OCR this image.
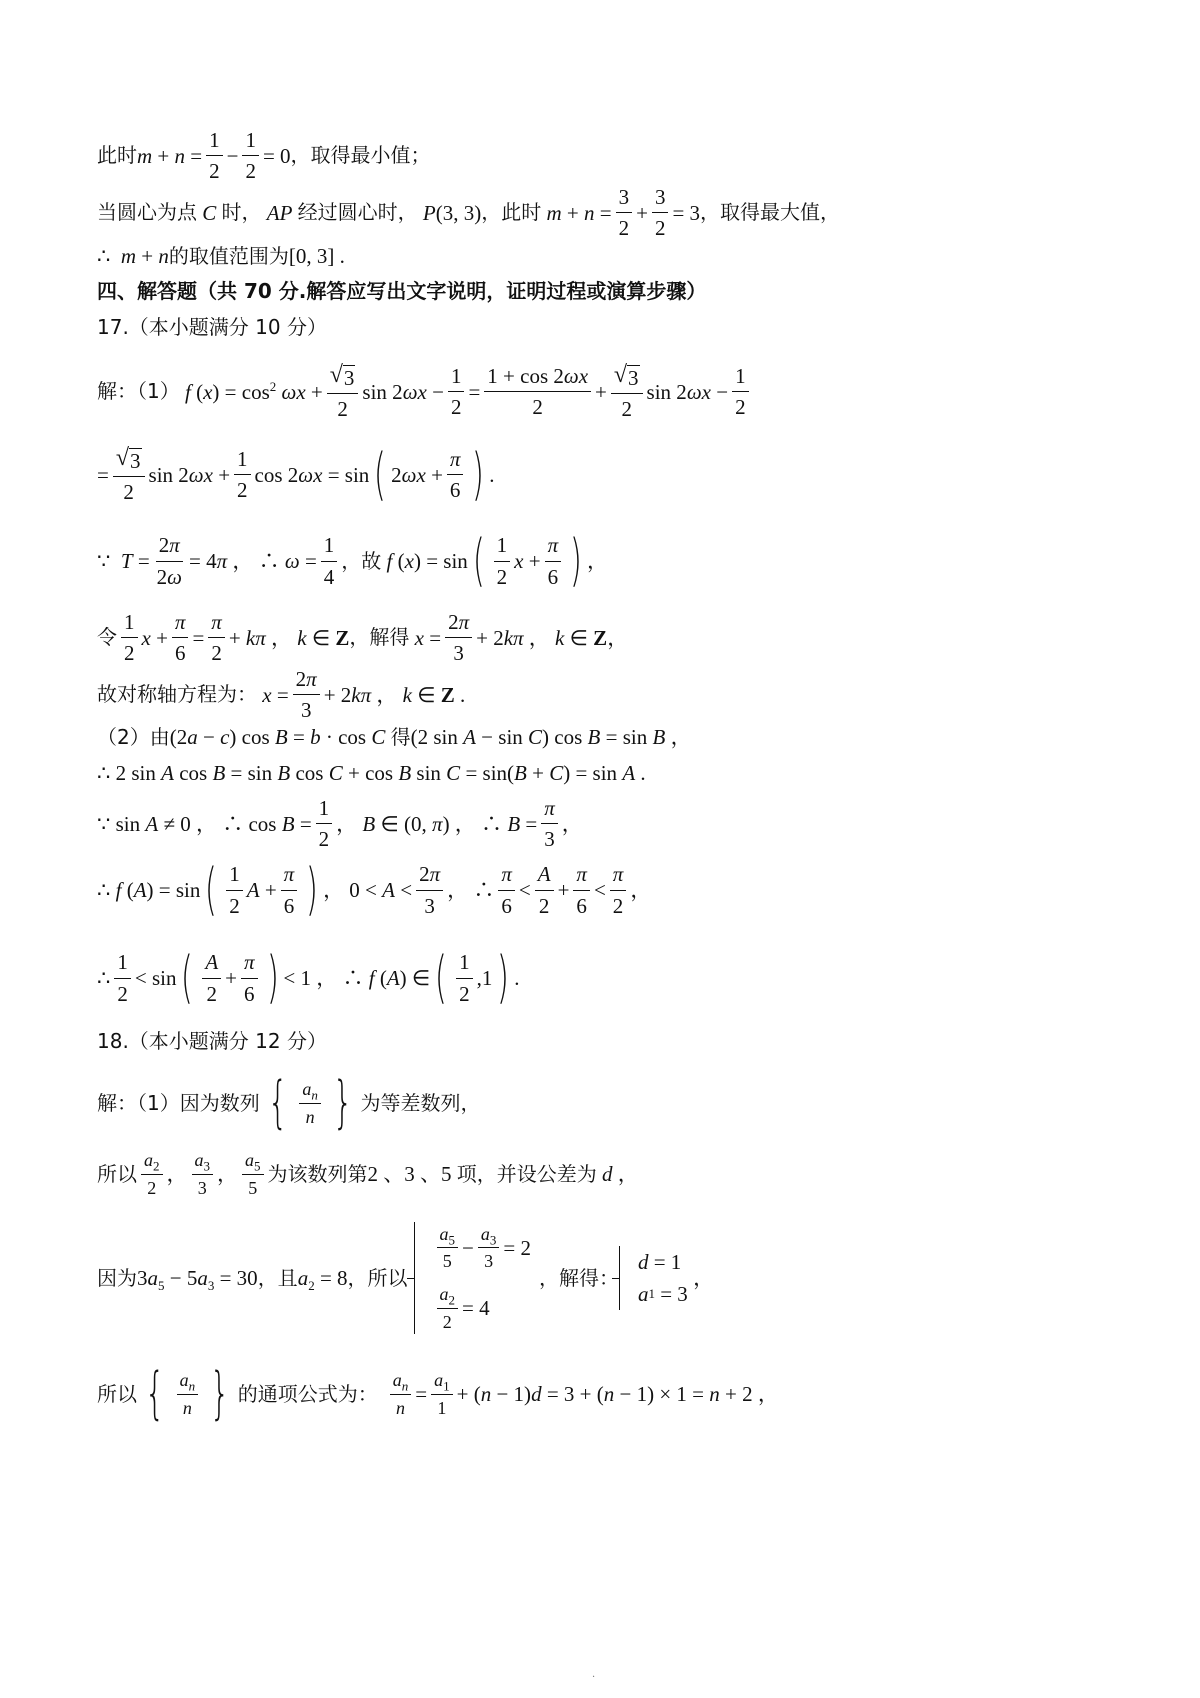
此时 $m + n = \frac{1}{2} - \frac{1}{2} = 0$ ，取得最小值；
当圆心为点 C 时， AP 经过圆心时， P(3, 3) ，此时 $m + n = \frac{3}{2} + \frac{3}{2} = 3$ ，取得最大值，
∴  m + n 的取值范围为 [0, 3] .
四、解答题（共 70 分.解答应写出文字说明，证明过程或演算步骤）
17.（本小题满分 10 分）
解：（1） f $(x) = \cos^2 \omega x + \frac{√ 3}{2}$ $\sin 2\omega x - \frac{1}{2} = \frac{1 + \cos 2\omega x}{2} + \frac{√ 3}{2}$ $\sin 2\omega x - \frac{1}{2}$
= $\frac{√ 3}{2}$ $\sin 2\omega x + \frac{1}{2}$ cos 2ωx = sin ( $2\omega x + \frac{\pi}{6}$ ) .
∵  $T = \frac{2\pi}{2\omega} = 4\pi$ ， ∴ $\omega = \frac{1}{4}$ ，故 f (x) = sin ( $\frac{1}{2}$ $x + \frac{\pi}{6}$ ) ，
令 $\frac{1}{2}$ $x + \frac{\pi}{6} = \frac{\pi}{2} + k\pi$ ， k ∈ Z ，解得 $x = \frac{2\pi}{3} + 2k\pi$ ， k ∈ Z，
故对称轴方程为： $x = \frac{2\pi}{3} + 2k\pi$ ， k ∈ Z .
（2）由 (2a − c) cos B = b · cos C 得 (2 sin A − sin C) cos B = sin B ，
∴ 2 sin A cos B = sin B cos C + cos B sin C = sin(B + C) = sin A .
∵ sin A ≠ 0 ， ∴ $\cos B = \frac{1}{2}$ ， B ∈ (0, π) ， ∴ $B = \frac{\pi}{3}$ ，
∴ f (A) = sin ( $\frac{1}{2}$ $A + \frac{\pi}{6}$ ) ， $0 < A < \frac{2\pi}{3}$ ， ∴ $\frac{\pi}{6} < \frac{A}{2} + \frac{\pi}{6} < \frac{\pi}{2}$ ，
∴ $\frac{1}{2} < \sin$ ( $\frac{A}{2} + \frac{\pi}{6}$ ) < 1 ， ∴ f (A) ∈ ( $\frac{1}{2} ,1$ ) .
18.（本小题满分 12 分）
解：（1）因为数列 { $\frac{a_n}{n}$ } 为等差数列，
所以 $\frac{a_2}{2}$ ， $\frac{a_3}{3}$ ， $\frac{a_5}{5}$ 为该数列第 2 、3 、5 项，并设公差为 d ，
因为 $3a_5 - 5a_3 = 30$ ，且 $a_2 = 8$ ，所以
$\frac{a_5}{5} - \frac{a_3}{3} = 2$
$\frac{a_2}{2} = 4$
，解得：
d = 1
a 1 = 3
，
所以 { $\frac{a_n}{n}$ } 的通项公式为： $\frac{a_n}{n} = \frac{a_1}{1} + (n - 1)d = 3 + (n - 1) \times 1 = n + 2$ ，
·
